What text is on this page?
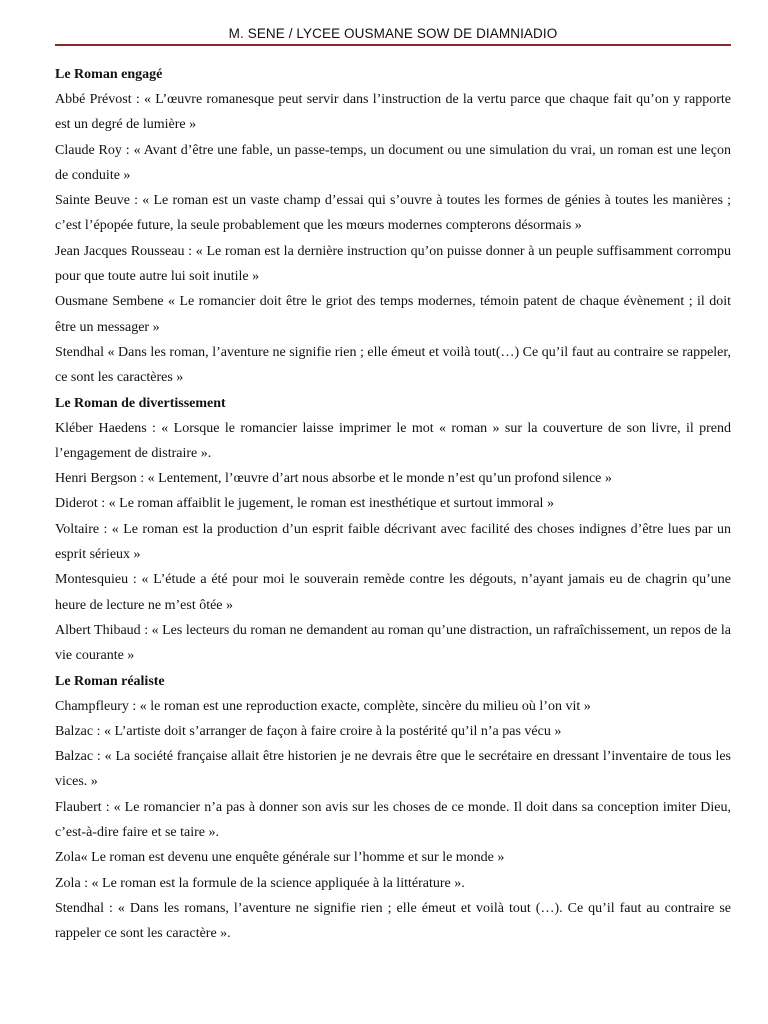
M. SENE / LYCEE OUSMANE SOW DE DIAMNIADIO

Le Roman engagé

Abbé Prévost : « L’œuvre romanesque peut servir dans l’instruction de la vertu parce que chaque fait qu’on y rapporte est un degré de lumière »

Claude Roy : « Avant d’être une fable, un passe-temps, un document ou une simulation du vrai, un roman est une leçon de conduite »

Sainte Beuve : « Le roman est un vaste champ d’essai qui s’ouvre à toutes les formes de génies à toutes les manières ; c’est l’épopée future, la seule probablement que les mœurs modernes compterons désormais »

Jean Jacques Rousseau : « Le roman est la dernière instruction qu’on puisse donner à un peuple suffisamment corrompu pour que toute autre lui soit inutile »

Ousmane Sembene « Le romancier doit être le griot des temps modernes, témoin patent de chaque évènement ; il doit être un messager »

Stendhal « Dans les roman, l’aventure ne signifie rien ; elle émeut et voilà tout(…) Ce qu’il faut au contraire se rappeler, ce sont les caractères »

Le Roman de divertissement

Kléber Haedens : « Lorsque le romancier laisse imprimer le mot « roman » sur la couverture de son livre, il prend l’engagement de distraire ».

Henri Bergson : « Lentement, l’œuvre d’art nous absorbe et le monde n’est qu’un profond silence »

Diderot : « Le roman affaiblit le jugement, le roman est inesthétique et surtout immoral »

Voltaire : « Le roman est la production d’un esprit faible décrivant avec facilité des choses indignes d’être lues par un esprit sérieux »

Montesquieu : « L’étude a été pour moi le souverain remède contre les dégouts, n’ayant jamais eu de chagrin qu’une heure de lecture ne m’est ôtée »

Albert Thibaud : « Les lecteurs du roman ne demandent au roman qu’une distraction, un rafraîchissement, un repos de la vie courante »

Le Roman réaliste

Champfleury : « le roman est une reproduction exacte, complète, sincère du milieu où l’on vit »

Balzac : « L’artiste doit s’arranger de façon à faire croire à la postérité qu’il n’a pas vécu »

Balzac : « La société française allait être historien je ne devrais être que le secrétaire en dressant l’inventaire de tous les vices. »

Flaubert : « Le romancier n’a pas à donner son avis sur les choses de ce monde. Il doit dans sa conception imiter Dieu, c’est-à-dire faire et se taire ».

Zola« Le roman est devenu une enquête générale sur l’homme et sur le monde »

Zola : « Le roman est la formule de la science appliquée à la littérature ».

Stendhal : « Dans les romans, l’aventure ne signifie rien ; elle émeut et voilà tout (…). Ce qu’il faut au contraire se rappeler ce sont les caractère ».
